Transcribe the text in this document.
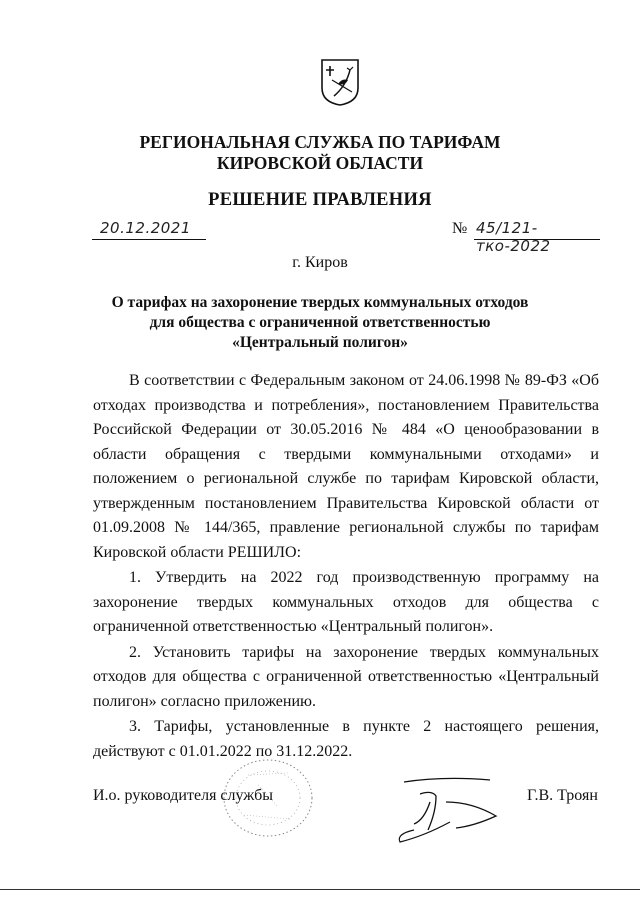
РЕГИОНАЛЬНАЯ СЛУЖБА ПО ТАРИФАМ
КИРОВСКОЙ ОБЛАСТИ
РЕШЕНИЕ ПРАВЛЕНИЯ
20.12.2021	№ 45/121-тко-2022
г. Киров
О тарифах на захоронение твердых коммунальных отходов
для общества с ограниченной ответственностью
«Центральный полигон»

В соответствии с Федеральным законом от 24.06.1998 № 89-ФЗ «Об отходах производства и потребления», постановлением Правительства Российской Федерации от 30.05.2016 № 484 «О ценообразовании в области обращения с твердыми коммунальными отходами» и положением о региональной службе по тарифам Кировской области, утвержденным постановлением Правительства Кировской области от 01.09.2008 № 144/365, правление региональной службы по тарифам Кировской области РЕШИЛО:

1. Утвердить на 2022 год производственную программу на захоронение твердых коммунальных отходов для общества с ограниченной ответственностью «Центральный полигон».

2. Установить тарифы на захоронение твердых коммунальных отходов для общества с ограниченной ответственностью «Центральный полигон» согласно приложению.

3. Тарифы, установленные в пункте 2 настоящего решения, действуют с 01.01.2022 по 31.12.2022.

И.о. руководителя службы	Г.В. Троян
